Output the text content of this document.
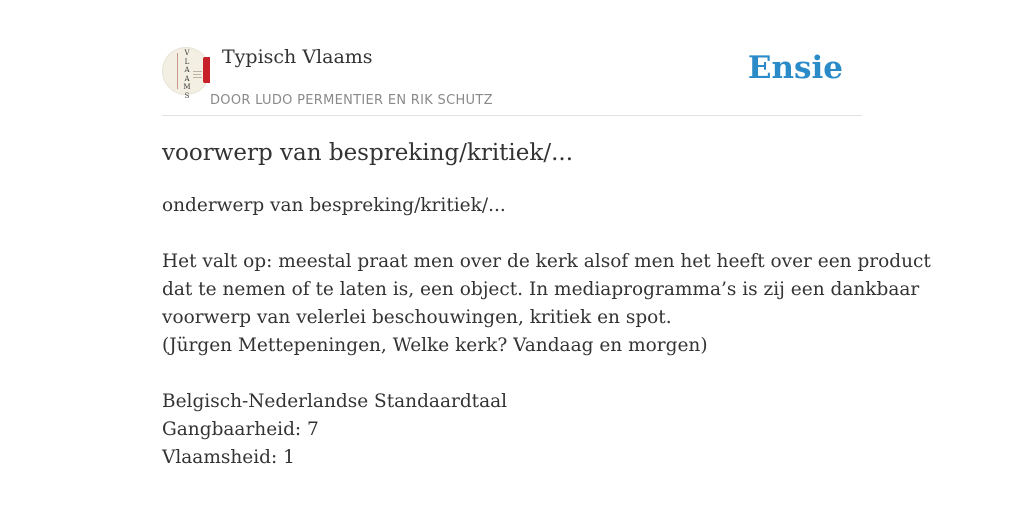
V
L
A
A
M
S
Typisch Vlaams
DOOR LUDO PERMENTIER EN RIK SCHUTZ
Ensie
voorwerp van bespreking/kritiek/...
onderwerp van bespreking/kritiek/...
Het valt op: meestal praat men over de kerk alsof men het heeft over een product
dat te nemen of te laten is, een object. In mediaprogramma’s is zij een dankbaar
voorwerp van velerlei beschouwingen, kritiek en spot.
(Jürgen Mettepeningen, Welke kerk? Vandaag en morgen)
Belgisch-Nederlandse Standaardtaal
Gangbaarheid: 7
Vlaamsheid: 1
